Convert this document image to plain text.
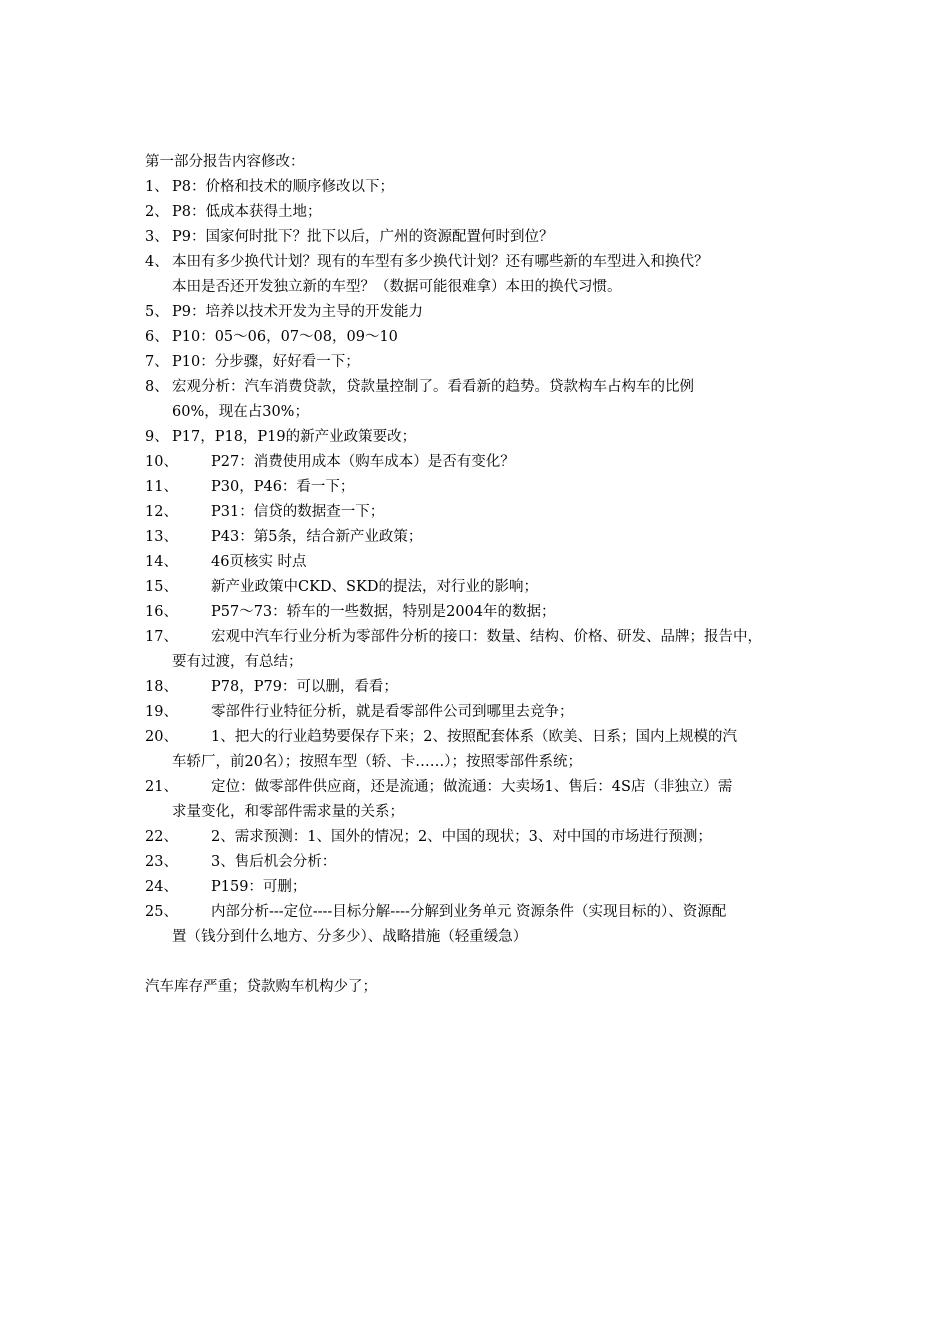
第一部分报告内容修改：
1、 P8：价格和技术的顺序修改以下；
2、 P8：低成本获得土地；
3、 P9：国家何时批下？批下以后，广州的资源配置何时到位？
4、 本田有多少换代计划？现有的车型有多少换代计划？还有哪些新的车型进入和换代？
本田是否还开发独立新的车型？（数据可能很难拿）本田的换代习惯。
5、 P9：培养以技术开发为主导的开发能力
6、 P10：05～06，07～08，09～10
7、 P10：分步骤，好好看一下；
8、 宏观分析：汽车消费贷款，贷款量控制了。看看新的趋势。贷款构车占构车的比例
60%，现在占30%；
9、 P17，P18，P19的新产业政策要改；
10、	P27：消费使用成本（购车成本）是否有变化？
11、	P30，P46：看一下；
12、	P31：信贷的数据查一下；
13、	P43：第5条，结合新产业政策；
14、	46页核实 时点
15、	新产业政策中CKD、SKD的提法，对行业的影响；
16、	P57～73：轿车的一些数据，特别是2004年的数据；
17、	宏观中汽车行业分析为零部件分析的接口：数量、结构、价格、研发、品牌；报告中，
要有过渡，有总结；
18、	P78，P79：可以删，看看；
19、	零部件行业特征分析，就是看零部件公司到哪里去竞争；
20、	1、把大的行业趋势要保存下来；2、按照配套体系（欧美、日系；国内上规模的汽
车轿厂，前20名）；按照车型（轿、卡……）；按照零部件系统；
21、	定位：做零部件供应商，还是流通；做流通：大卖场1、售后：4S店（非独立）需
求量变化，和零部件需求量的关系；
22、	2、需求预测：1、国外的情况；2、中国的现状；3、对中国的市场进行预测；
23、	3、售后机会分析：
24、	P159：可删；
25、	内部分析---定位----目标分解----分解到业务单元 资源条件（实现目标的）、资源配
置（钱分到什么地方、分多少）、战略措施（轻重缓急）
汽车库存严重；贷款购车机构少了；
